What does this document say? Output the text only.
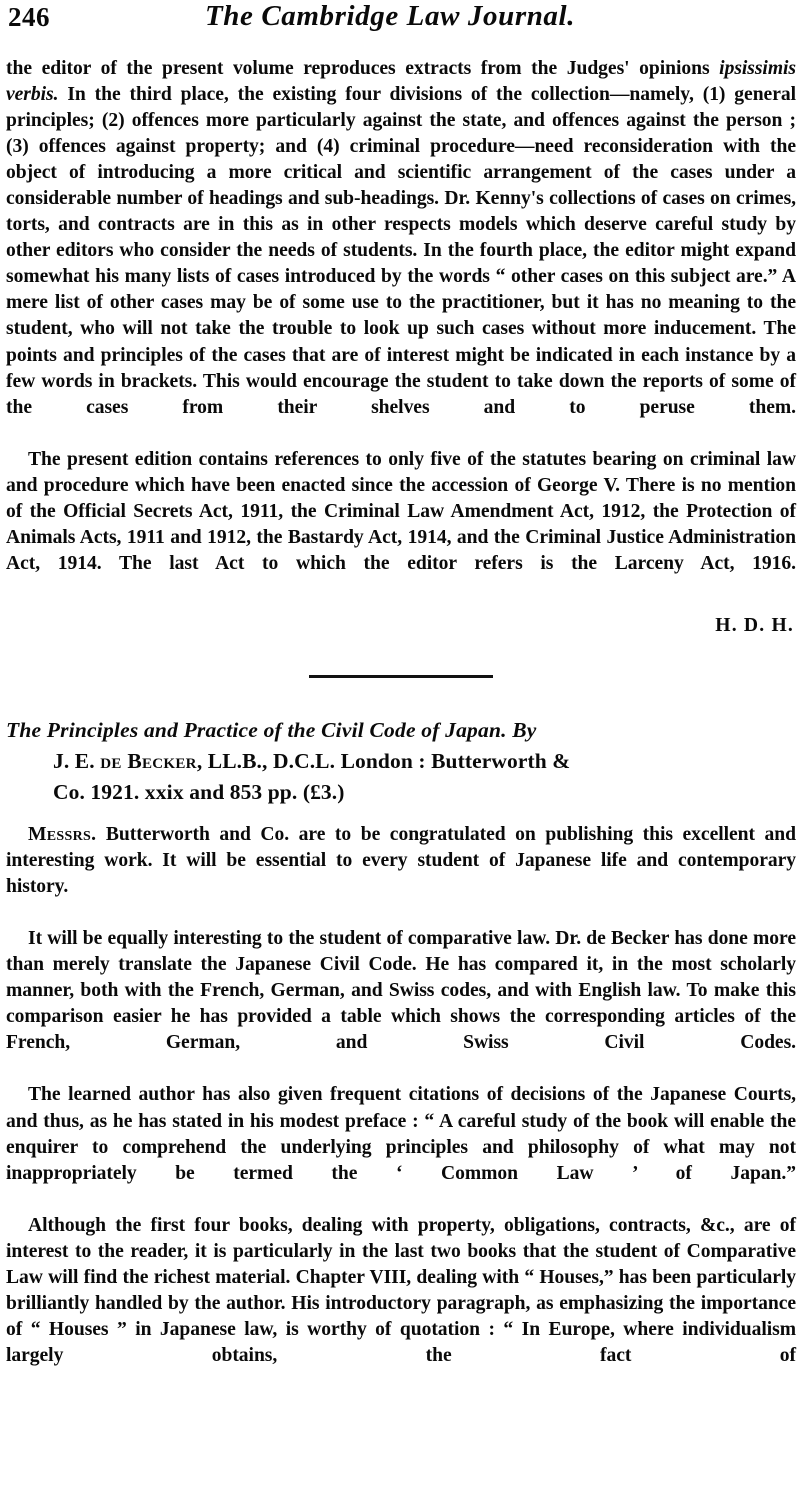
246	The Cambridge Law Journal.

the editor of the present volume reproduces extracts from the Judges' opinions ipsissimis verbis. In the third place, the existing four divisions of the collection—namely, (1) general principles; (2) offences more particularly against the state, and offences against the person ; (3) offences against property; and (4) criminal procedure—need reconsideration with the object of introducing a more critical and scientific arrangement of the cases under a considerable number of headings and sub-headings. Dr. Kenny's collections of cases on crimes, torts, and contracts are in this as in other respects models which deserve careful study by other editors who consider the needs of students. In the fourth place, the editor might expand somewhat his many lists of cases introduced by the words “ other cases on this subject are.” A mere list of other cases may be of some use to the practitioner, but it has no meaning to the student, who will not take the trouble to look up such cases without more inducement. The points and principles of the cases that are of interest might be indicated in each instance by a few words in brackets. This would encourage the student to take down the reports of some of the cases from their shelves and to peruse them.

The present edition contains references to only five of the statutes bearing on criminal law and procedure which have been enacted since the accession of George V. There is no mention of the Official Secrets Act, 1911, the Criminal Law Amendment Act, 1912, the Protection of Animals Acts, 1911 and 1912, the Bastardy Act, 1914, and the Criminal Justice Administration Act, 1914. The last Act to which the editor refers is the Larceny Act, 1916.

H. D. H.
The Principles and Practice of the Civil Code of Japan. By
J. E. de Becker, LL.B., D.C.L. London : Butterworth &
Co. 1921. xxix and 853 pp. (£3.)

Messrs. Butterworth and Co. are to be congratulated on publishing this excellent and interesting work. It will be essential to every student of Japanese life and contemporary history.

It will be equally interesting to the student of comparative law. Dr. de Becker has done more than merely translate the Japanese Civil Code. He has compared it, in the most scholarly manner, both with the French, German, and Swiss codes, and with English law. To make this comparison easier he has provided a table which shows the corresponding articles of the French, German, and Swiss Civil Codes.

The learned author has also given frequent citations of decisions of the Japanese Courts, and thus, as he has stated in his modest preface : “ A careful study of the book will enable the enquirer to comprehend the underlying principles and philosophy of what may not inappropriately be termed the ‘ Common Law ’ of Japan.”

Although the first four books, dealing with property, obligations, contracts, &c., are of interest to the reader, it is particularly in the last two books that the student of Comparative Law will find the richest material. Chapter VIII, dealing with “ Houses,” has been particularly brilliantly handled by the author. His introductory paragraph, as emphasizing the importance of “ Houses ” in Japanese law, is worthy of quotation : “ In Europe, where individualism largely obtains, the fact of
